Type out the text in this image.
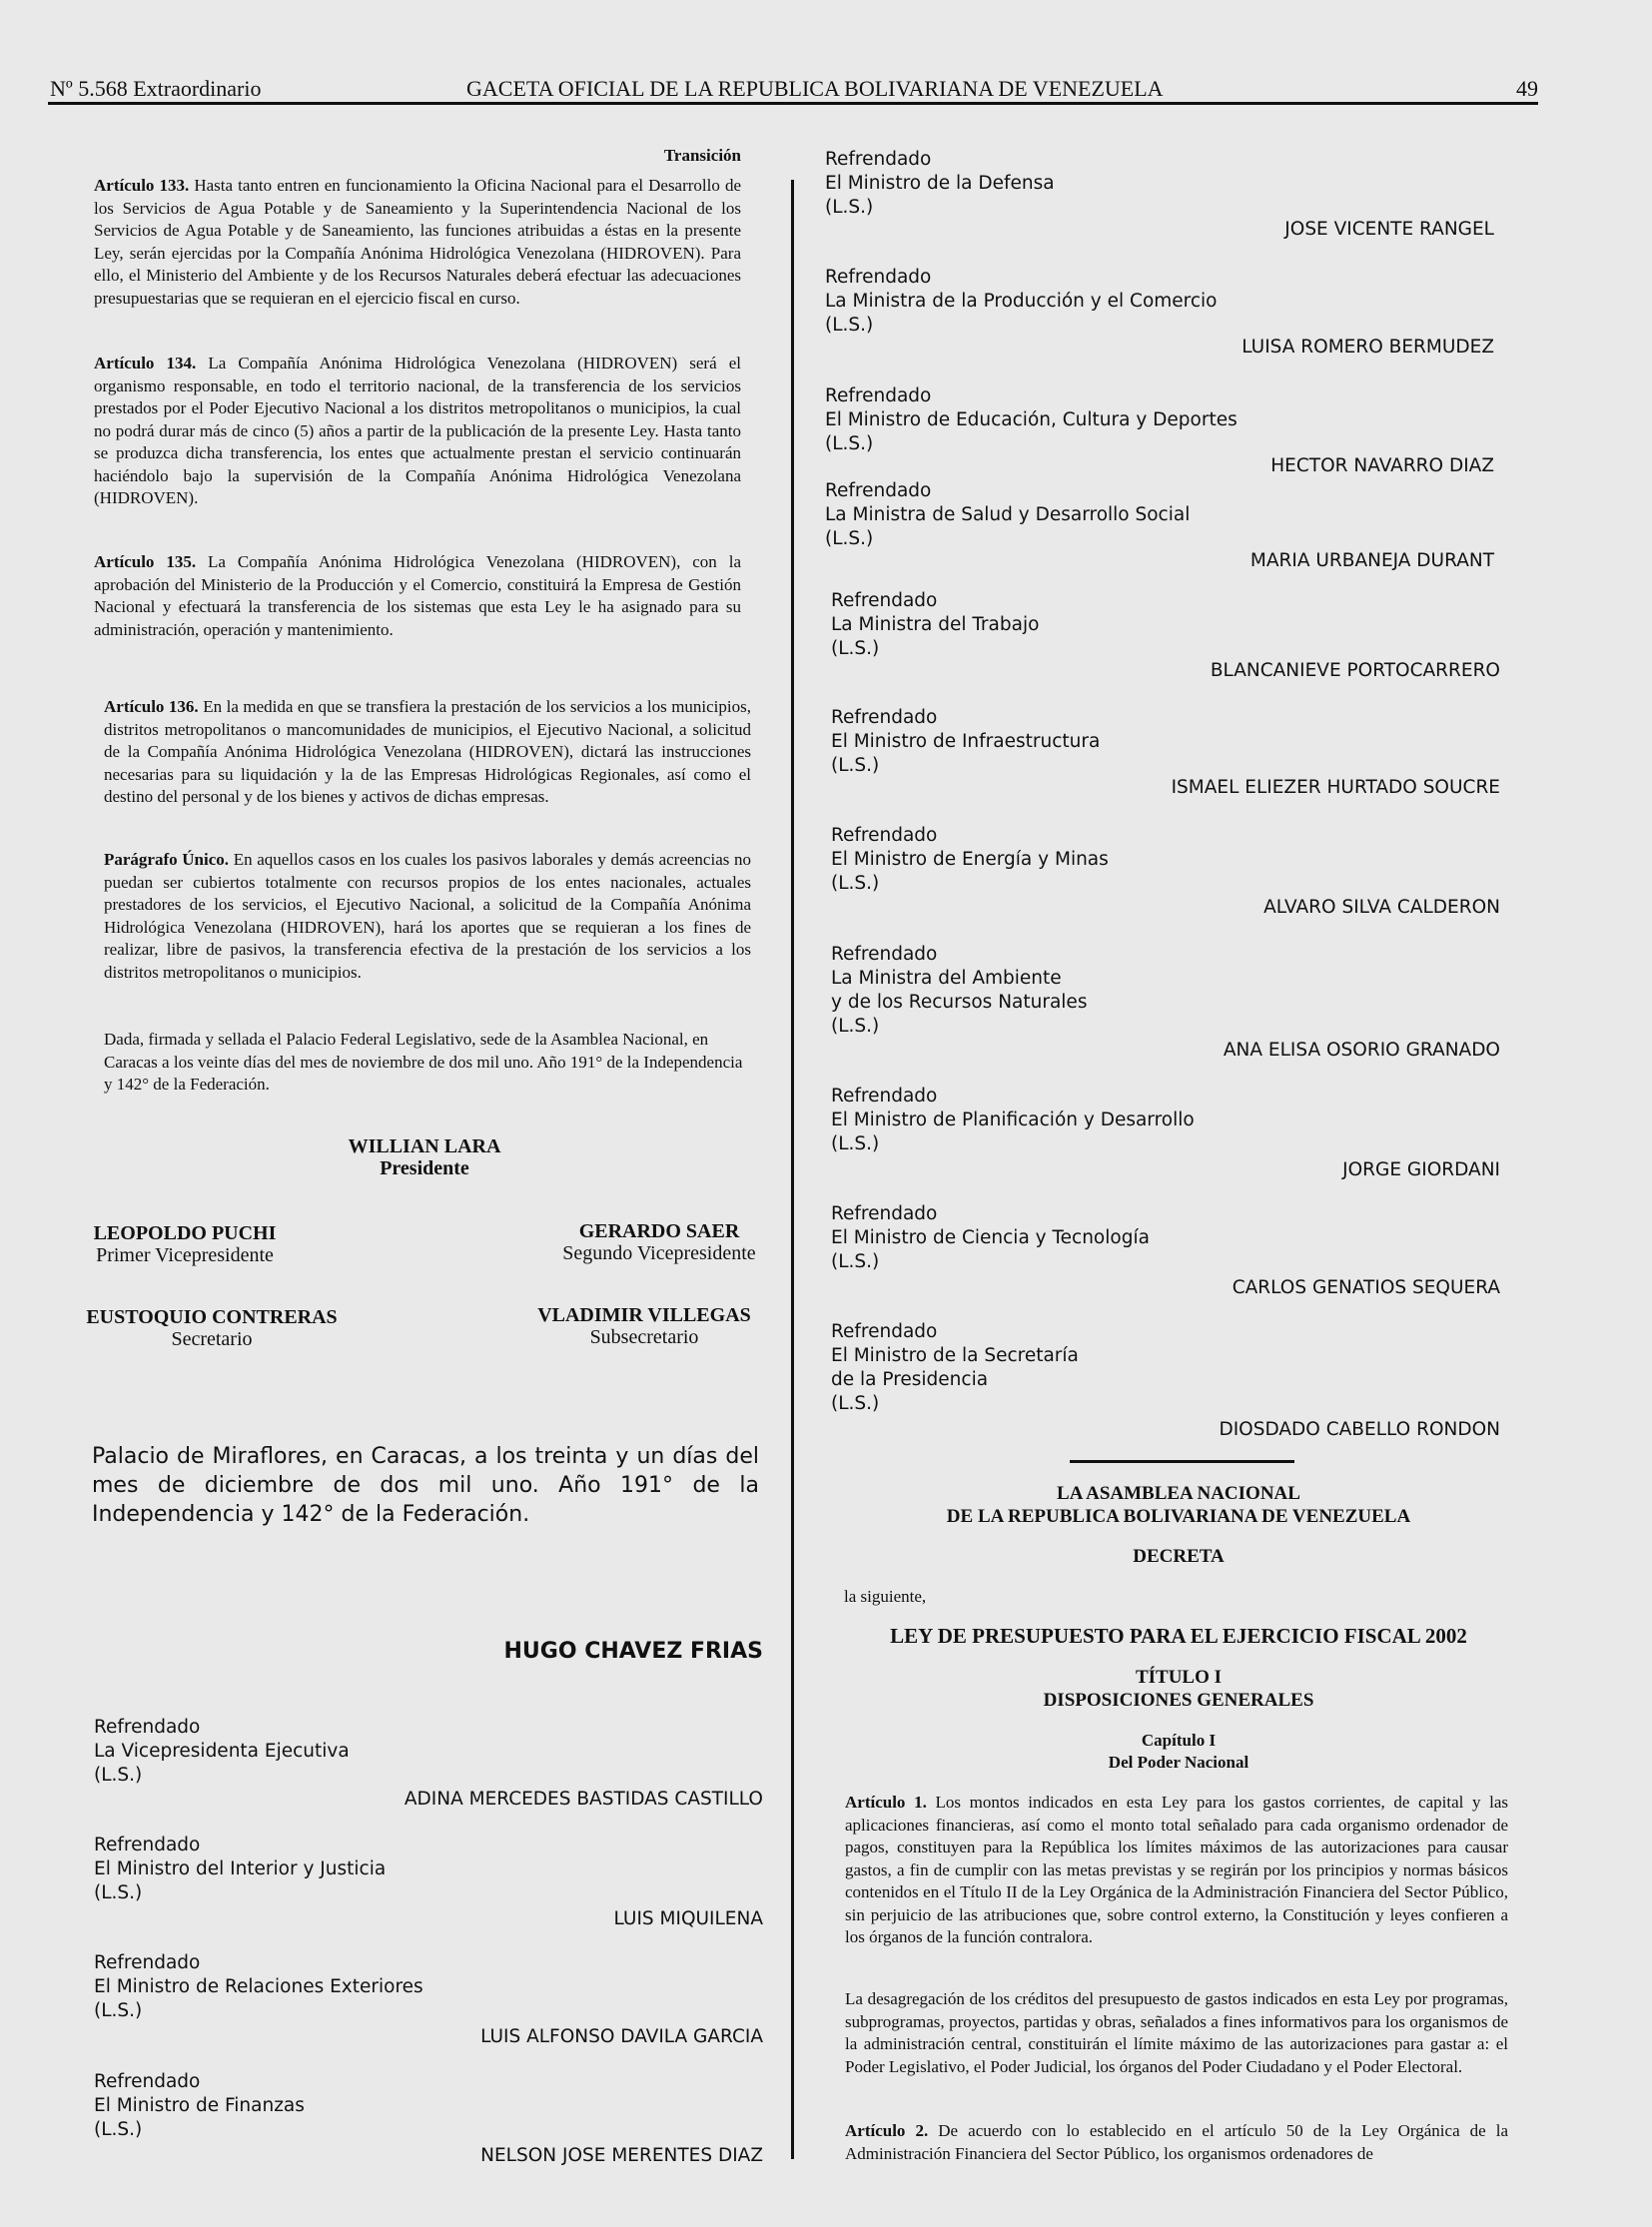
Nº 5.568 Extraordinario	GACETA OFICIAL DE LA REPUBLICA BOLIVARIANA DE VENEZUELA	49
Transición

Artículo 133. Hasta tanto entren en funcionamiento la Oficina Nacional para el Desarrollo de los Servicios de Agua Potable y de Saneamiento y la Superintendencia Nacional de los Servicios de Agua Potable y de Saneamiento, las funciones atribuidas a éstas en la presente Ley, serán ejercidas por la Compañía Anónima Hidrológica Venezolana (HIDROVEN). Para ello, el Ministerio del Ambiente y de los Recursos Naturales deberá efectuar las adecuaciones presupuestarias que se requieran en el ejercicio fiscal en curso.

Artículo 134. La Compañía Anónima Hidrológica Venezolana (HIDROVEN) será el organismo responsable, en todo el territorio nacional, de la transferencia de los servicios prestados por el Poder Ejecutivo Nacional a los distritos metropolitanos o municipios, la cual no podrá durar más de cinco (5) años a partir de la publicación de la presente Ley. Hasta tanto se produzca dicha transferencia, los entes que actualmente prestan el servicio continuarán haciéndolo bajo la supervisión de la Compañía Anónima Hidrológica Venezolana (HIDROVEN).

Artículo 135. La Compañía Anónima Hidrológica Venezolana (HIDROVEN), con la aprobación del Ministerio de la Producción y el Comercio, constituirá la Empresa de Gestión Nacional y efectuará la transferencia de los sistemas que esta Ley le ha asignado para su administración, operación y mantenimiento.

Artículo 136. En la medida en que se transfiera la prestación de los servicios a los municipios, distritos metropolitanos o mancomunidades de municipios, el Ejecutivo Nacional, a solicitud de la Compañía Anónima Hidrológica Venezolana (HIDROVEN), dictará las instrucciones necesarias para su liquidación y la de las Empresas Hidrológicas Regionales, así como el destino del personal y de los bienes y activos de dichas empresas.

Parágrafo Único. En aquellos casos en los cuales los pasivos laborales y demás acreencias no puedan ser cubiertos totalmente con recursos propios de los entes nacionales, actuales prestadores de los servicios, el Ejecutivo Nacional, a solicitud de la Compañía Anónima Hidrológica Venezolana (HIDROVEN), hará los aportes que se requieran a los fines de realizar, libre de pasivos, la transferencia efectiva de la prestación de los servicios a los distritos metropolitanos o municipios.

Dada, firmada y sellada el Palacio Federal Legislativo, sede de la Asamblea Nacional, en Caracas a los veinte días del mes de noviembre de dos mil uno. Año 191° de la Independencia y 142° de la Federación.

WILLIAN LARA
Presidente
LEOPOLDO PUCHI
Primer Vicepresidente
GERARDO SAER
Segundo Vicepresidente
EUSTOQUIO CONTRERAS
Secretario
VLADIMIR VILLEGAS
Subsecretario

Palacio de Miraflores, en Caracas, a los treinta y un días del mes de diciembre de dos mil uno. Año 191° de la Independencia y 142° de la Federación.

HUGO CHAVEZ FRIAS
Refrendado
La Vicepresidenta Ejecutiva
(L.S.)
ADINA MERCEDES BASTIDAS CASTILLO
Refrendado
El Ministro del Interior y Justicia
(L.S.)
LUIS MIQUILENA
Refrendado
El Ministro de Relaciones Exteriores
(L.S.)
LUIS ALFONSO DAVILA GARCIA
Refrendado
El Ministro de Finanzas
(L.S.)
NELSON JOSE MERENTES DIAZ
Refrendado
El Ministro de la Defensa
(L.S.)
JOSE VICENTE RANGEL
Refrendado
La Ministra de la Producción y el Comercio
(L.S.)
LUISA ROMERO BERMUDEZ
Refrendado
El Ministro de Educación, Cultura y Deportes
(L.S.)
HECTOR NAVARRO DIAZ
Refrendado
La Ministra de Salud y Desarrollo Social
(L.S.)
MARIA URBANEJA DURANT
Refrendado
La Ministra del Trabajo
(L.S.)
BLANCANIEVE PORTOCARRERO
Refrendado
El Ministro de Infraestructura
(L.S.)
ISMAEL ELIEZER HURTADO SOUCRE
Refrendado
El Ministro de Energía y Minas
(L.S.)
ALVARO SILVA CALDERON
Refrendado
La Ministra del Ambiente
y de los Recursos Naturales
(L.S.)
ANA ELISA OSORIO GRANADO
Refrendado
El Ministro de Planificación y Desarrollo
(L.S.)
JORGE GIORDANI
Refrendado
El Ministro de Ciencia y Tecnología
(L.S.)
CARLOS GENATIOS SEQUERA
Refrendado
El Ministro de la Secretaría
de la Presidencia
(L.S.)
DIOSDADO CABELLO RONDON
LA ASAMBLEA NACIONAL
DE LA REPUBLICA BOLIVARIANA DE VENEZUELA
DECRETA
la siguiente,
LEY DE PRESUPUESTO PARA EL EJERCICIO FISCAL 2002
TÍTULO I
DISPOSICIONES GENERALES
Capítulo I
Del Poder Nacional

Artículo 1. Los montos indicados en esta Ley para los gastos corrientes, de capital y las aplicaciones financieras, así como el monto total señalado para cada organismo ordenador de pagos, constituyen para la República los límites máximos de las autorizaciones para causar gastos, a fin de cumplir con las metas previstas y se regirán por los principios y normas básicos contenidos en el Título II de la Ley Orgánica de la Administración Financiera del Sector Público, sin perjuicio de las atribuciones que, sobre control externo, la Constitución y leyes confieren a los órganos de la función contralora.

La desagregación de los créditos del presupuesto de gastos indicados en esta Ley por programas, subprogramas, proyectos, partidas y obras, señalados a fines informativos para los organismos de la administración central, constituirán el límite máximo de las autorizaciones para gastar a: el Poder Legislativo, el Poder Judicial, los órganos del Poder Ciudadano y el Poder Electoral.

Artículo 2. De acuerdo con lo establecido en el artículo 50 de la Ley Orgánica de la Administración Financiera del Sector Público, los organismos ordenadores de
